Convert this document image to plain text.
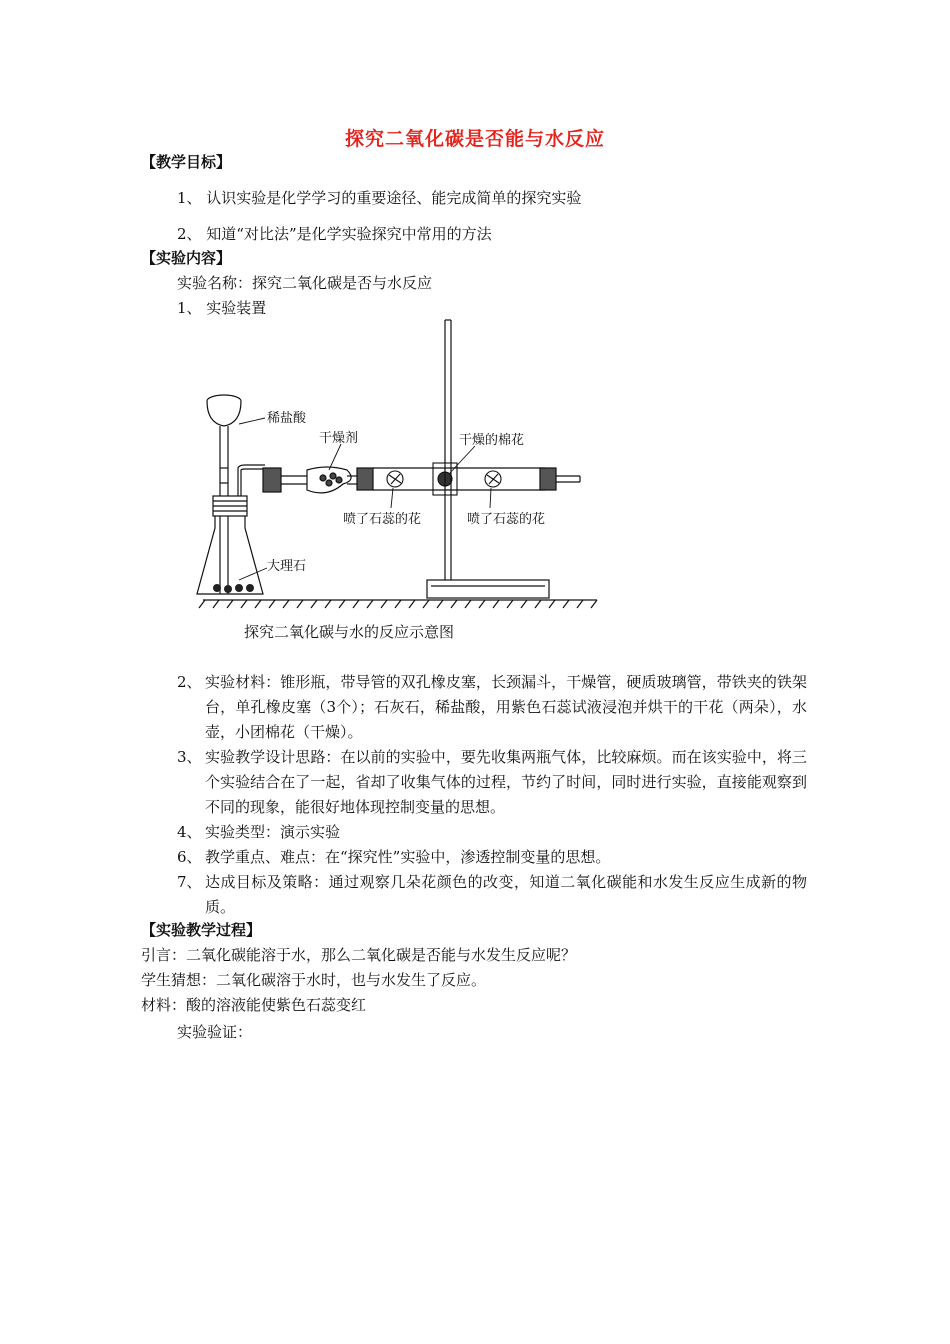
探究二氧化碳是否能与水反应
【教学目标】
1、 认识实验是化学学习的重要途径、能完成简单的探究实验
2、 知道“对比法”是化学实验探究中常用的方法
【实验内容】
实验名称：探究二氧化碳是否与水反应
1、 实验装置
稀盐酸
干燥剂	干燥的棉花
喷了石蕊的花	喷了石蕊的花
大理石
探究二氧化碳与水的反应示意图
2、 实验材料：锥形瓶，带导管的双孔橡皮塞，长颈漏斗，干燥管，硬质玻璃管，带铁夹的铁架台，单孔橡皮塞（3个）；石灰石，稀盐酸，用紫色石蕊试液浸泡并烘干的干花（两朵），水壶，小团棉花（干燥）。
3、 实验教学设计思路：在以前的实验中，要先收集两瓶气体，比较麻烦。而在该实验中，将三个实验结合在了一起，省却了收集气体的过程，节约了时间，同时进行实验，直接能观察到不同的现象，能很好地体现控制变量的思想。
4、 实验类型：演示实验
6、 教学重点、难点：在“探究性”实验中，渗透控制变量的思想。
7、 达成目标及策略：通过观察几朵花颜色的改变，知道二氧化碳能和水发生反应生成新的物质。
【实验教学过程】
引言：二氧化碳能溶于水，那么二氧化碳是否能与水发生反应呢？
学生猜想：二氧化碳溶于水时，也与水发生了反应。
材料：酸的溶液能使紫色石蕊变红
实验验证：
